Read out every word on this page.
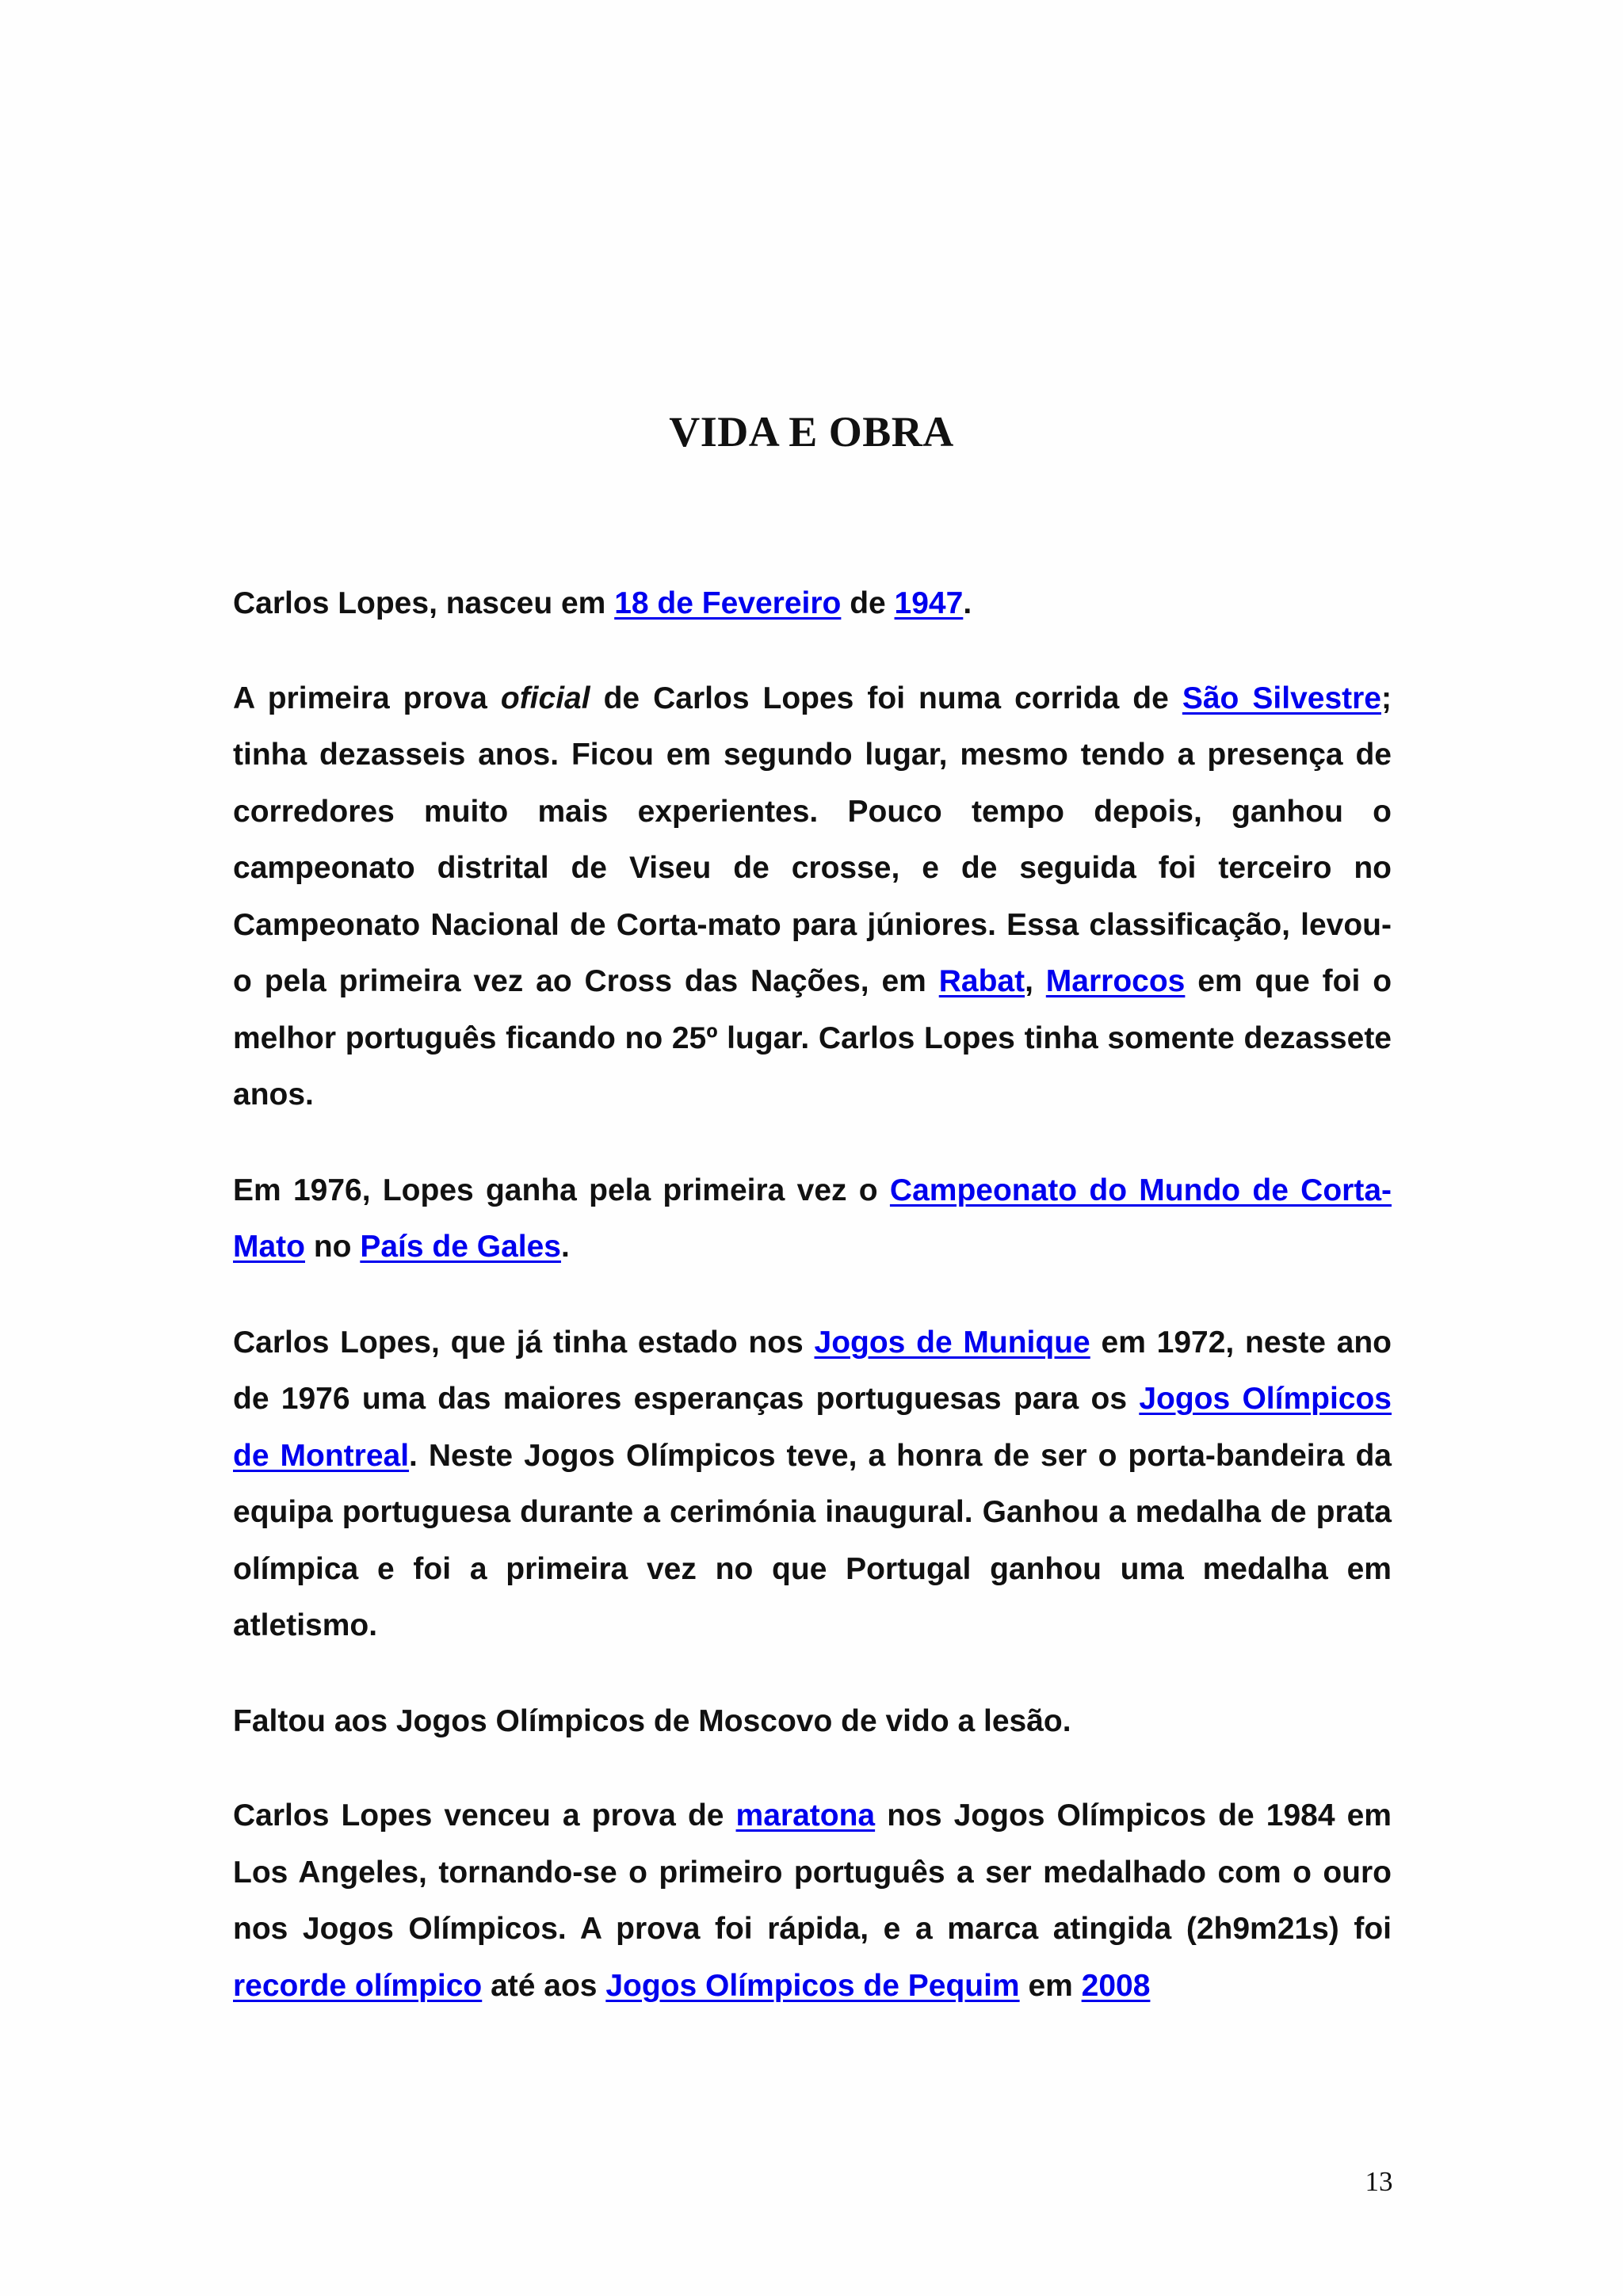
VIDA E OBRA

Carlos Lopes, nasceu em 18 de Fevereiro de 1947.

A primeira prova oficial de Carlos Lopes foi numa corrida de São Silvestre; tinha dezasseis anos. Ficou em segundo lugar, mesmo tendo a presença de corredores muito mais experientes. Pouco tempo depois, ganhou o campeonato distrital de Viseu de crosse, e de seguida foi terceiro no Campeonato Nacional de Corta-mato para júniores. Essa classificação, levou-o pela primeira vez ao Cross das Nações, em Rabat, Marrocos em que foi o melhor português ficando no 25º lugar. Carlos Lopes tinha somente dezassete anos.

Em 1976, Lopes ganha pela primeira vez o Campeonato do Mundo de Corta-Mato no País de Gales.

Carlos Lopes, que já tinha estado nos Jogos de Munique em 1972, neste ano de 1976 uma das maiores esperanças portuguesas para os Jogos Olímpicos de Montreal. Neste Jogos Olímpicos teve, a honra de ser o porta-bandeira da equipa portuguesa durante a cerimónia inaugural. Ganhou a medalha de prata olímpica e foi a primeira vez no que Portugal ganhou uma medalha em atletismo.

Faltou aos Jogos Olímpicos de Moscovo de vido a lesão.

Carlos Lopes venceu a prova de maratona nos Jogos Olímpicos de 1984 em Los Angeles, tornando-se o primeiro português a ser medalhado com o ouro nos Jogos Olímpicos. A prova foi rápida, e a marca atingida (2h9m21s) foi recorde olímpico até aos Jogos Olímpicos de Pequim em 2008

13
